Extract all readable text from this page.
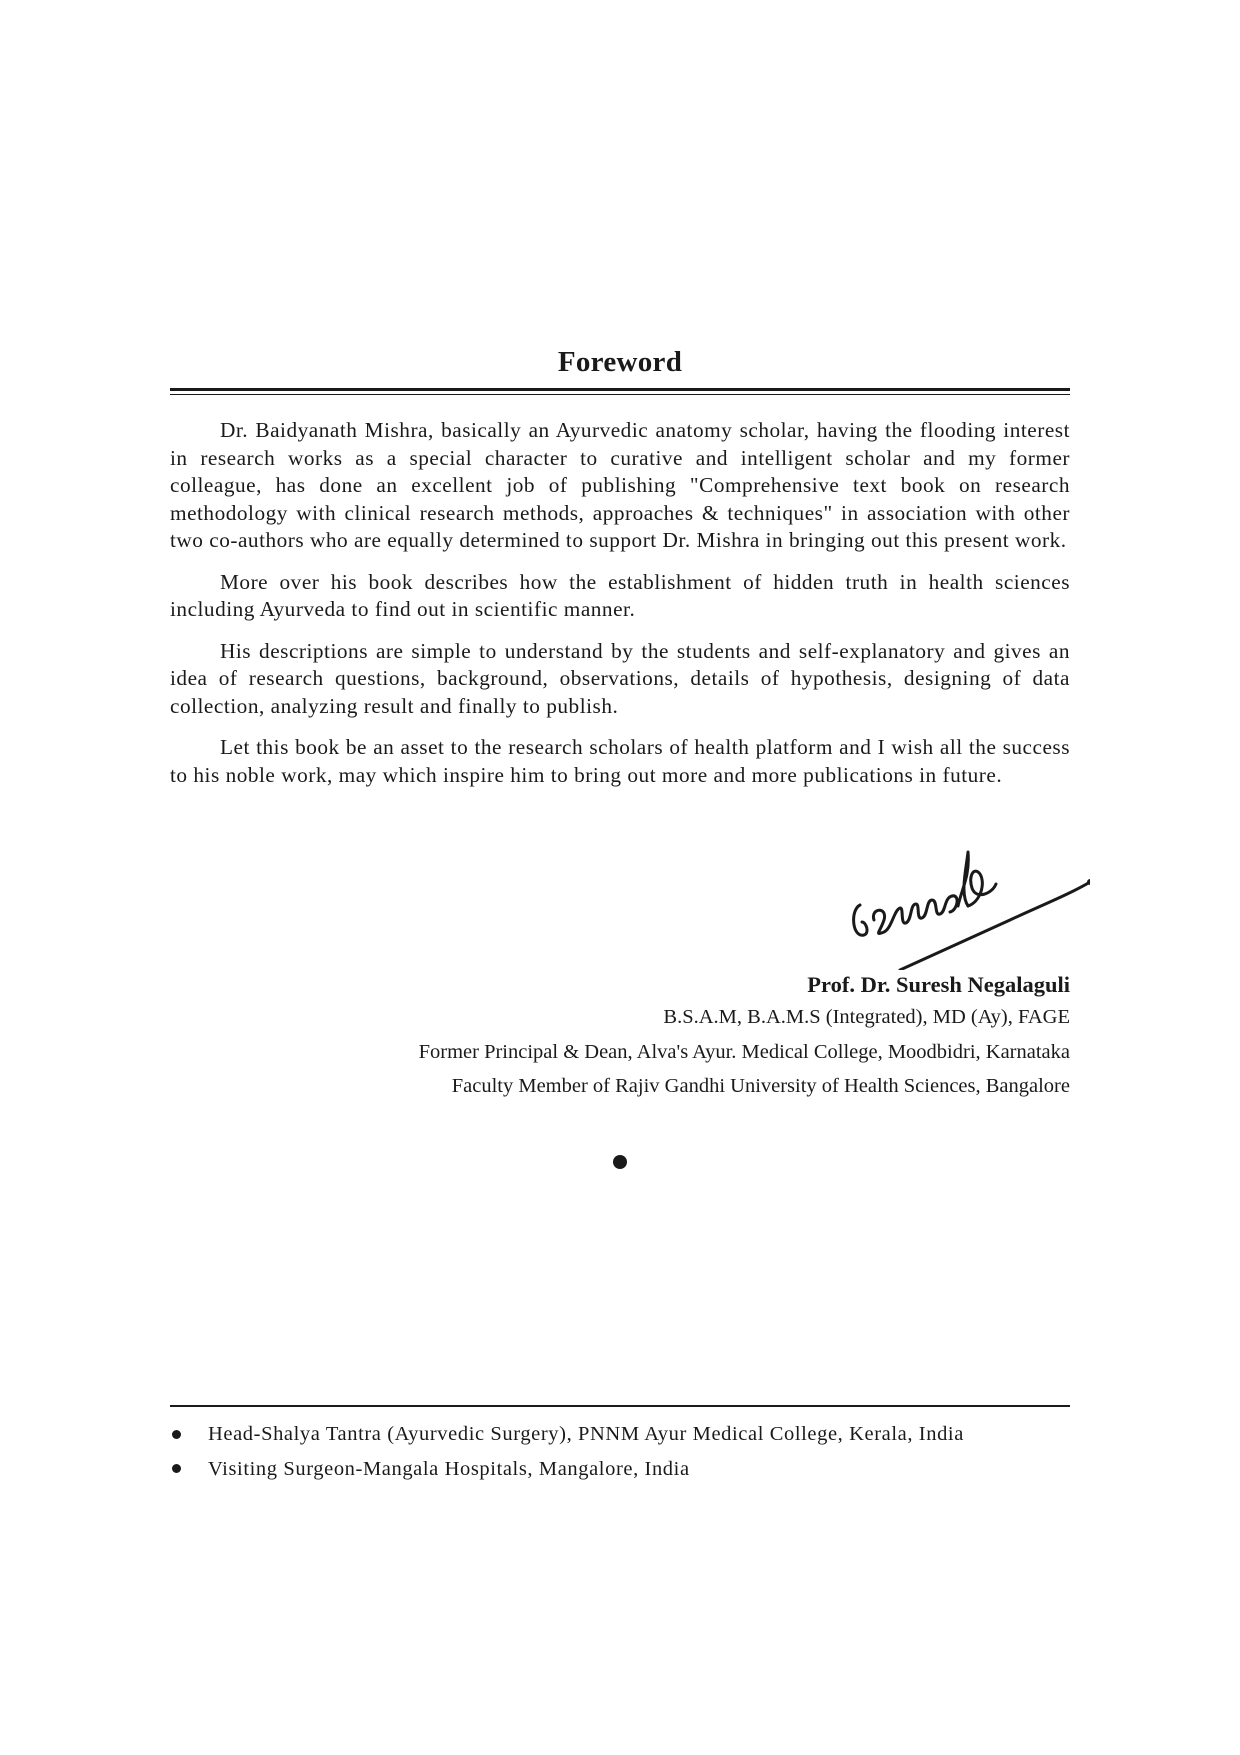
Foreword

Dr. Baidyanath Mishra, basically an Ayurvedic anatomy scholar, having the flooding interest in research works as a special character to curative and intelligent scholar and my former colleague, has done an excellent job of publishing "Comprehensive text book on research methodology with clinical research methods, approaches & techniques" in association with other two co-authors who are equally determined to support Dr. Mishra in bringing out this present work.

More over his book describes how the establishment of hidden truth in health sciences including Ayurveda to find out in scientific manner.

His descriptions are simple to understand by the students and self-explanatory and gives an idea of research questions, background, observations, details of hypothesis, designing of data collection, analyzing result and finally to publish.

Let this book be an asset to the research scholars of health platform and I wish all the success to his noble work, may which inspire him to bring out more and more publications in future.

Prof. Dr. Suresh Negalaguli
B.S.A.M, B.A.M.S (Integrated), MD (Ay), FAGE
Former Principal & Dean, Alva's Ayur. Medical College, Moodbidri, Karnataka
Faculty Member of Rajiv Gandhi University of Health Sciences, Bangalore
Head-Shalya Tantra (Ayurvedic Surgery), PNNM Ayur Medical College, Kerala, India
Visiting Surgeon-Mangala Hospitals, Mangalore, India
